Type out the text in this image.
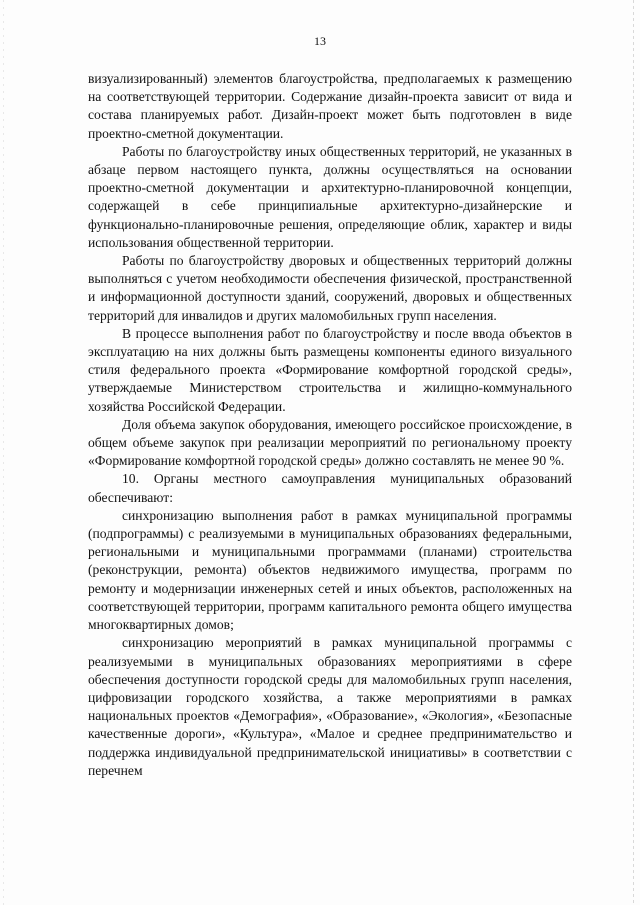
13

визуализированный) элементов благоустройства, предполагаемых к размещению на соответствующей территории. Содержание дизайн-проекта зависит от вида и состава планируемых работ. Дизайн-проект может быть подготовлен в виде проектно-сметной документации.

Работы по благоустройству иных общественных территорий, не указанных в абзаце первом настоящего пункта, должны осуществляться на основании проектно-сметной документации и архитектурно-планировочной концепции, содержащей в себе принципиальные архитектурно-дизайнерские и функционально-планировочные решения, определяющие облик, характер и виды использования общественной территории.

Работы по благоустройству дворовых и общественных территорий должны выполняться с учетом необходимости обеспечения физической, пространственной и информационной доступности зданий, сооружений, дворовых и общественных территорий для инвалидов и других маломобильных групп населения.

В процессе выполнения работ по благоустройству и после ввода объектов в эксплуатацию на них должны быть размещены компоненты единого визуального стиля федерального проекта «Формирование комфортной городской среды», утверждаемые Министерством строительства и жилищно-коммунального хозяйства Российской Федерации.

Доля объема закупок оборудования, имеющего российское происхождение, в общем объеме закупок при реализации мероприятий по региональному проекту «Формирование комфортной городской среды» должно составлять не менее 90 %.

10. Органы местного самоуправления муниципальных образований обеспечивают:

синхронизацию выполнения работ в рамках муниципальной программы (подпрограммы) с реализуемыми в муниципальных образованиях федеральными, региональными и муниципальными программами (планами) строительства (реконструкции, ремонта) объектов недвижимого имущества, программ по ремонту и модернизации инженерных сетей и иных объектов, расположенных на соответствующей территории, программ капитального ремонта общего имущества многоквартирных домов;

синхронизацию мероприятий в рамках муниципальной программы с реализуемыми в муниципальных образованиях мероприятиями в сфере обеспечения доступности городской среды для маломобильных групп населения, цифровизации городского хозяйства, а также мероприятиями в рамках национальных проектов «Демография», «Образование», «Экология», «Безопасные качественные дороги», «Культура», «Малое и среднее предпринимательство и поддержка индивидуальной предпринимательской инициативы» в соответствии с перечнем
